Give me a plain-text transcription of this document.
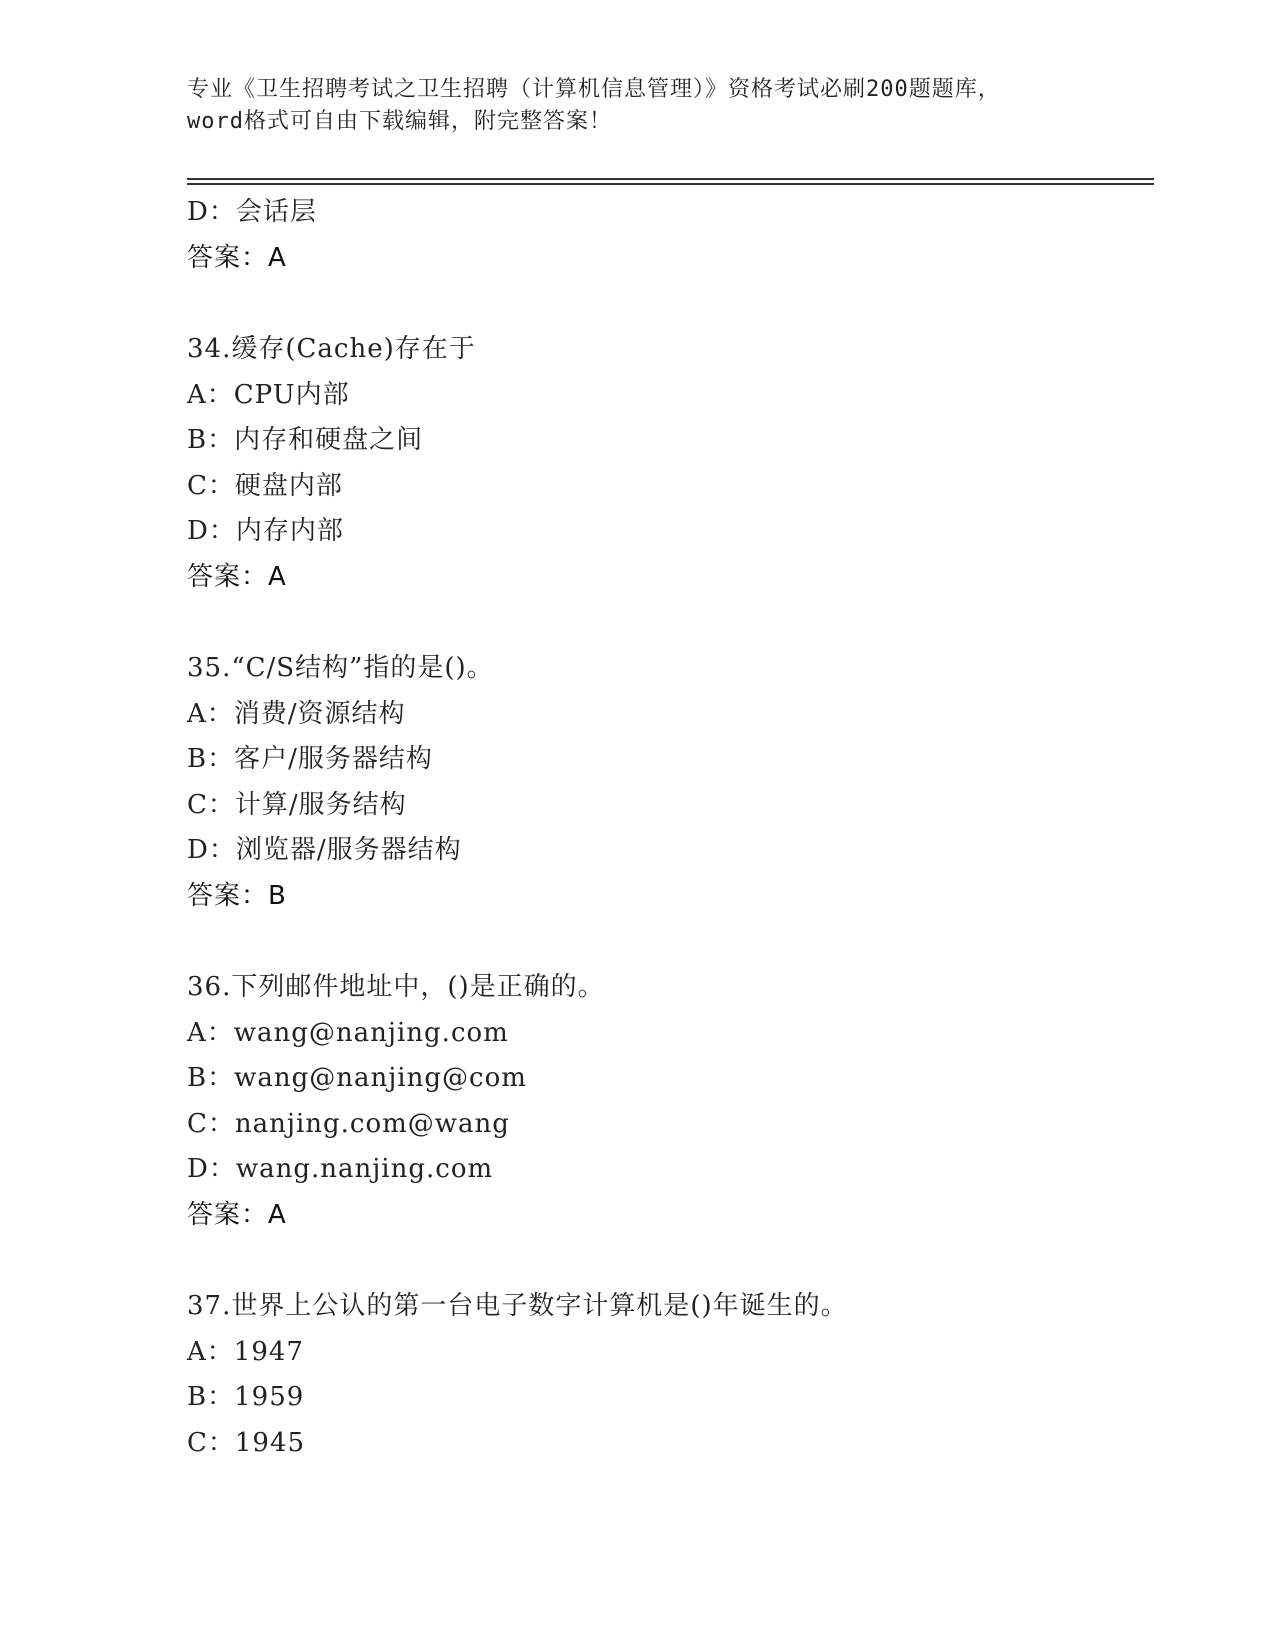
专业《卫生招聘考试之卫生招聘（计算机信息管理）》资格考试必刷200题题库，
word格式可自由下载编辑，附完整答案！
D：会话层
答案：A
34.缓存(Cache)存在于
A：CPU内部
B：内存和硬盘之间
C：硬盘内部
D：内存内部
答案：A
35.“C/S结构”指的是()。
A：消费/资源结构
B：客户/服务器结构
C：计算/服务结构
D：浏览器/服务器结构
答案：B
36.下列邮件地址中，()是正确的。
A：wang@nanjing.com
B：wang@nanjing@com
C：nanjing.com@wang
D：wang.nanjing.com
答案：A
37.世界上公认的第一台电子数字计算机是()年诞生的。
A：1947
B：1959
C：1945
